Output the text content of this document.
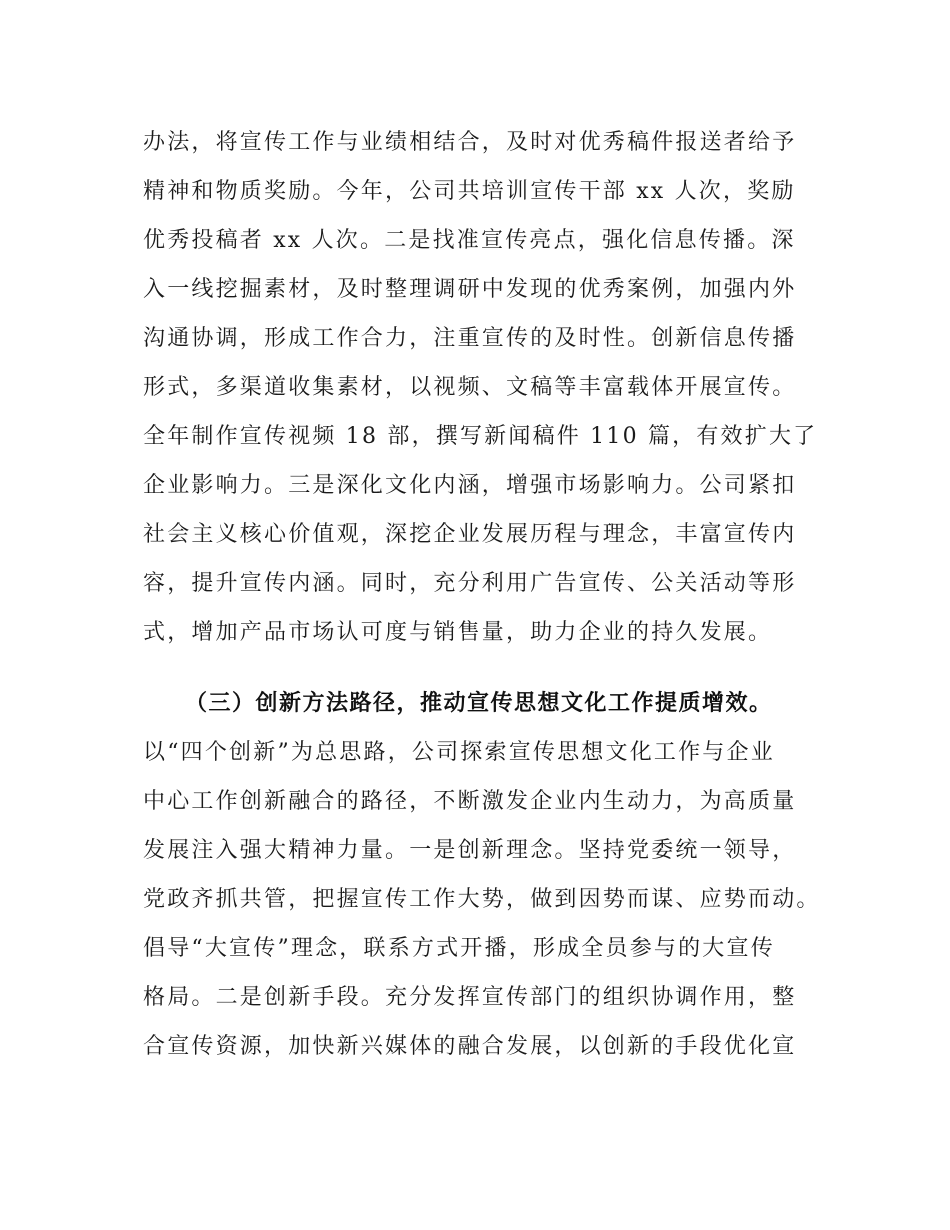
办法，将宣传工作与业绩相结合，及时对优秀稿件报送者给予
精神和物质奖励。今年，公司共培训宣传干部 xx 人次，奖励
优秀投稿者 xx 人次。二是找准宣传亮点，强化信息传播。深
入一线挖掘素材，及时整理调研中发现的优秀案例，加强内外
沟通协调，形成工作合力，注重宣传的及时性。创新信息传播
形式，多渠道收集素材，以视频、文稿等丰富载体开展宣传。
全年制作宣传视频 18 部，撰写新闻稿件 110 篇，有效扩大了
企业影响力。三是深化文化内涵，增强市场影响力。公司紧扣
社会主义核心价值观，深挖企业发展历程与理念，丰富宣传内
容，提升宣传内涵。同时，充分利用广告宣传、公关活动等形
式，增加产品市场认可度与销售量，助力企业的持久发展。
（三）创新方法路径，推动宣传思想文化工作提质增效。
以“四个创新”为总思路，公司探索宣传思想文化工作与企业
中心工作创新融合的路径，不断激发企业内生动力，为高质量
发展注入强大精神力量。一是创新理念。坚持党委统一领导，
党政齐抓共管，把握宣传工作大势，做到因势而谋、应势而动。
倡导“大宣传”理念，联系方式开播，形成全员参与的大宣传
格局。二是创新手段。充分发挥宣传部门的组织协调作用，整
合宣传资源，加快新兴媒体的融合发展，以创新的手段优化宣
